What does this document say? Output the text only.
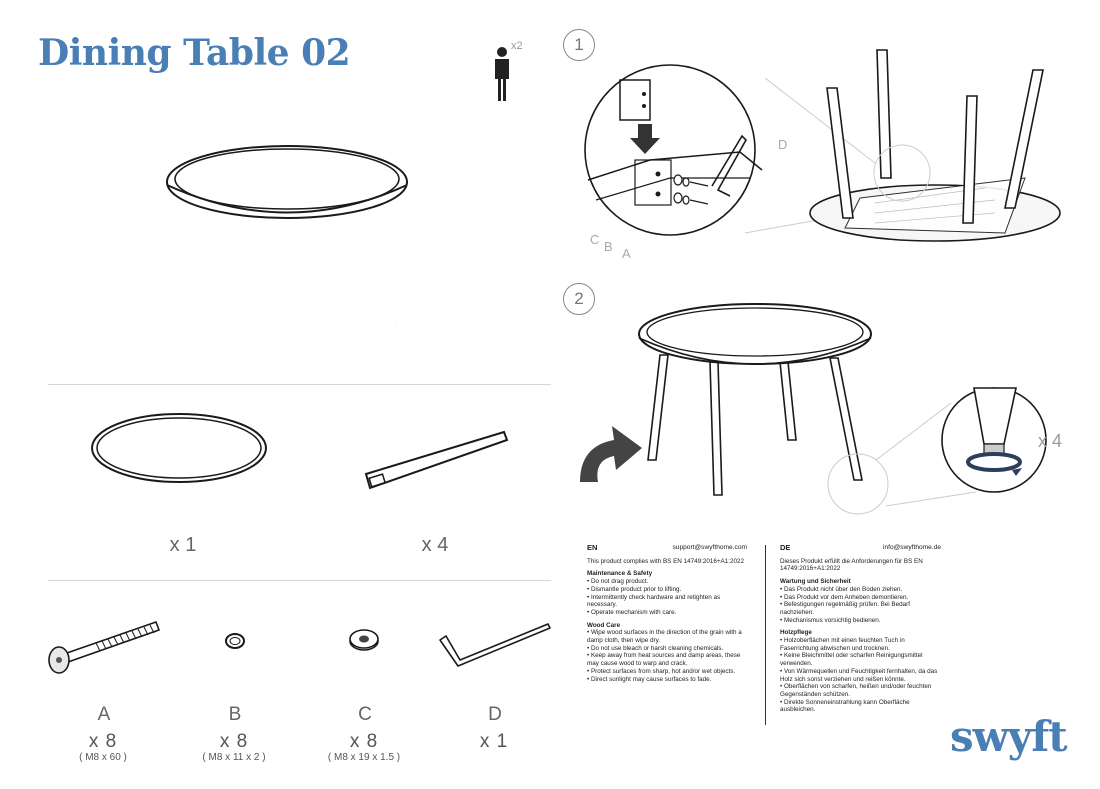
Dining Table 02	x2
x 1	x 4
A
x 8
( M8 x 60 )
B
x 8
( M8 x 11 x 2 )
C
x 8
( M8 x 19 x 1.5 )
D
x 1
1
D
C B A
2
x 4
EN	support@swyfthome.com
This product complies with BS EN 14749:2016+A1:2022
Maintenance & Safety
• Do not drag product.
• Dismantle product prior to lifting.
• Intermittently check hardware and retighten as necessary.
• Operate mechanism with care.
Wood Care
• Wipe wood surfaces in the direction of the grain with a damp cloth, then wipe dry.
• Do not use bleach or harsh cleaning chemicals.
• Keep away from heat sources and damp areas, these may cause wood to warp and crack.
• Protect surfaces from sharp, hot and/or wet objects.
• Direct sunlight may cause surfaces to fade.
DE	info@swyfthome.de
Dieses Produkt erfüllt die Anforderungen für BS EN 14749:2016+A1:2022
Wartung und Sicherheit
• Das Produkt nicht über den Boden ziehen.
• Das Produkt vor dem Anheben demontieren.
• Befestigungen regelmäßig prüfen. Bei Bedarf nachziehen.
• Mechanismus vorsichtig bedienen.
Holzpflege
• Holzoberflächen mit einen feuchten Tuch in Faserrichtung abwischen und trocknen.
• Keine Bleichmittel oder scharfen Reinigungsmittel verwenden.
• Von Wärmequellen und Feuchtigkeit fernhalten, da das Holz sich sonst verziehen und reißen könnte.
• Oberflächen von scharfen, heißen und/oder feuchten Gegenständen schützen.
• Direkte Sonneneinstrahlung kann Oberfläche ausbleichen.
swyft
